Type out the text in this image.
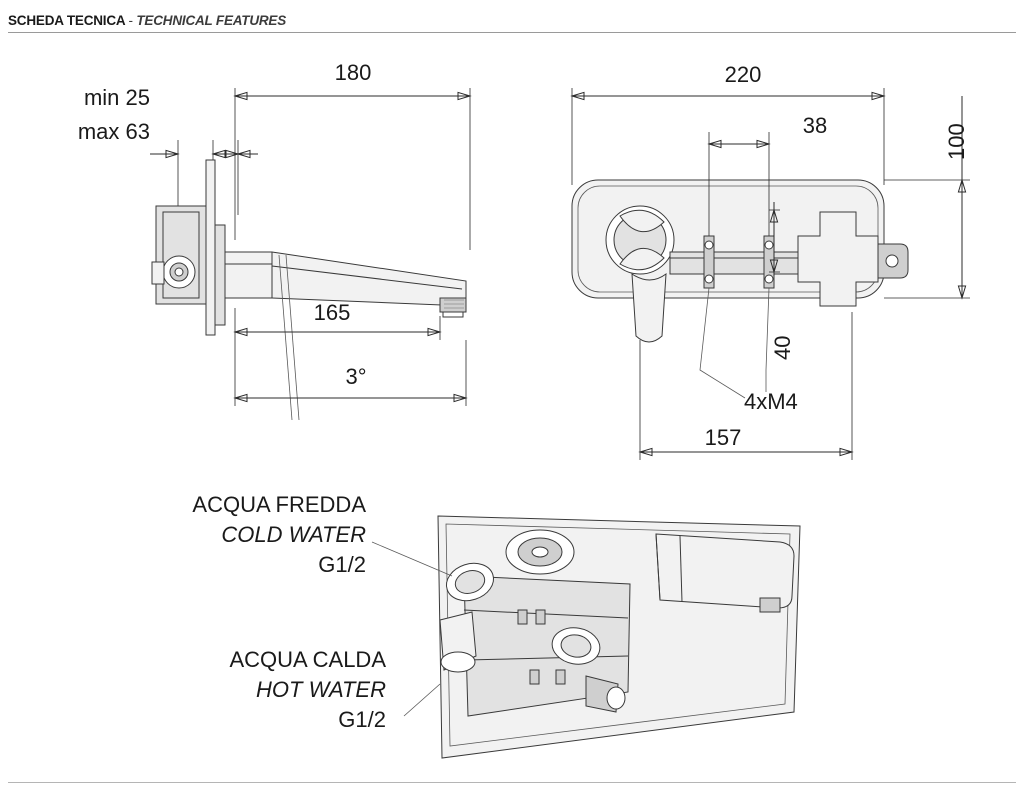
SCHEDA TECNICA - TECHNICAL FEATURES
180
min 25
max 63
165
3°
220
100
38
40
4xM4
157
ACQUA FREDDA
COLD WATER
G1/2
ACQUA CALDA
HOT WATER
G1/2
